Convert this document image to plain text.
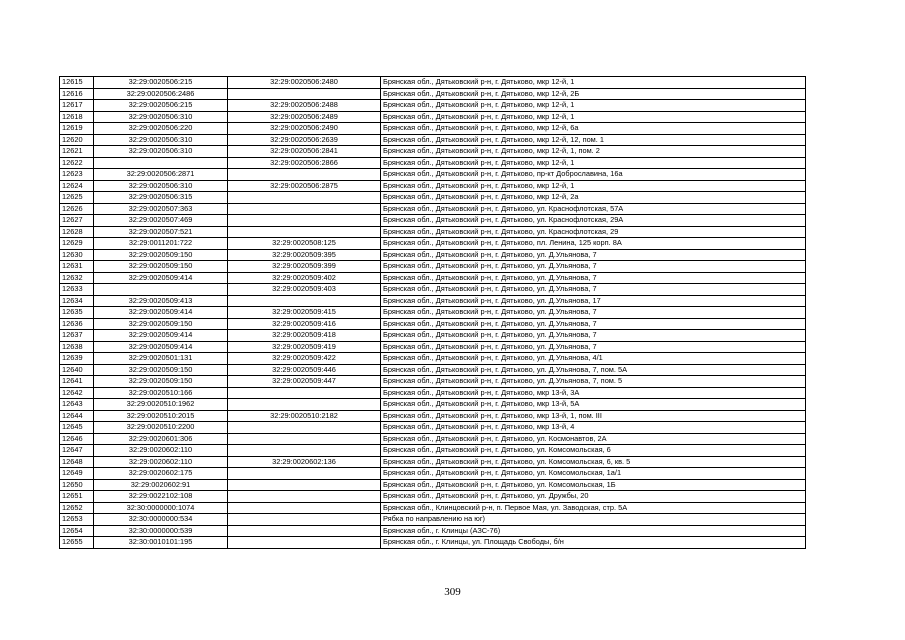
12615	32:29:0020506:215	32:29:0020506:2480	Брянская обл., Дятьковский р-н, г. Дятьково, мкр 12-й, 1
12616	32:29:0020506:2486		Брянская обл., Дятьковский р-н, г. Дятьково, мкр 12-й, 2Б
12617	32:29:0020506:215	32:29:0020506:2488	Брянская обл., Дятьковский р-н, г. Дятьково, мкр 12-й, 1
12618	32:29:0020506:310	32:29:0020506:2489	Брянская обл., Дятьковский р-н, г. Дятьково, мкр 12-й, 1
12619	32:29:0020506:220	32:29:0020506:2490	Брянская обл., Дятьковский р-н, г. Дятьково, мкр 12-й, 6а
12620	32:29:0020506:310	32:29:0020506:2639	Брянская обл., Дятьковский р-н, г. Дятьково, мкр 12-й, 12, пом. 1
12621	32:29:0020506:310	32:29:0020506:2841	Брянская обл., Дятьковский р-н, г. Дятьково, мкр 12-й, 1, пом. 2
12622		32:29:0020506:2866	Брянская обл., Дятьковский р-н, г. Дятьково, мкр 12-й, 1
12623	32:29:0020506:2871		Брянская обл., Дятьковский р-н, г. Дятьково, пр-кт Доброславина, 16а
12624	32:29:0020506:310	32:29:0020506:2875	Брянская обл., Дятьковский р-н, г. Дятьково, мкр 12-й, 1
12625	32:29:0020506:315		Брянская обл., Дятьковский р-н, г. Дятьково, мкр 12-й, 2а
12626	32:29:0020507:363		Брянская обл., Дятьковский р-н, г. Дятьково, ул. Краснофлотская, 57А
12627	32:29:0020507:469		Брянская обл., Дятьковский р-н, г. Дятьково, ул. Краснофлотская, 29А
12628	32:29:0020507:521		Брянская обл., Дятьковский р-н, г. Дятьково, ул. Краснофлотская, 29
12629	32:29:0011201:722	32:29:0020508:125	Брянская обл., Дятьковский р-н, г. Дятьково, пл. Ленина, 125 корп. 8А
12630	32:29:0020509:150	32:29:0020509:395	Брянская обл., Дятьковский р-н, г. Дятьково, ул. Д.Ульянова, 7
12631	32:29:0020509:150	32:29:0020509:399	Брянская обл., Дятьковский р-н, г. Дятьково, ул. Д.Ульянова, 7
12632	32:29:0020509:414	32:29:0020509:402	Брянская обл., Дятьковский р-н, г. Дятьково, ул. Д.Ульянова, 7
12633		32:29:0020509:403	Брянская обл., Дятьковский р-н, г. Дятьково, ул. Д.Ульянова, 7
12634	32:29:0020509:413		Брянская обл., Дятьковский р-н, г. Дятьково, ул. Д.Ульянова, 17
12635	32:29:0020509:414	32:29:0020509:415	Брянская обл., Дятьковский р-н, г. Дятьково, ул. Д.Ульянова, 7
12636	32:29:0020509:150	32:29:0020509:416	Брянская обл., Дятьковский р-н, г. Дятьково, ул. Д.Ульянова, 7
12637	32:29:0020509:414	32:29:0020509:418	Брянская обл., Дятьковский р-н, г. Дятьково, ул. Д.Ульянова, 7
12638	32:29:0020509:414	32:29:0020509:419	Брянская обл., Дятьковский р-н, г. Дятьково, ул. Д.Ульянова, 7
12639	32:29:0020501:131	32:29:0020509:422	Брянская обл., Дятьковский р-н, г. Дятьково, ул. Д.Ульянова, 4/1
12640	32:29:0020509:150	32:29:0020509:446	Брянская обл., Дятьковский р-н, г. Дятьково, ул. Д.Ульянова, 7, пом. 5А
12641	32:29:0020509:150	32:29:0020509:447	Брянская обл., Дятьковский р-н, г. Дятьково, ул. Д.Ульянова, 7, пом. 5
12642	32:29:0020510:166		Брянская обл., Дятьковский р-н, г. Дятьково, мкр 13-й, 3А
12643	32:29:0020510:1962		Брянская обл., Дятьковский р-н, г. Дятьково, мкр 13-й, 5А
12644	32:29:0020510:2015	32:29:0020510:2182	Брянская обл., Дятьковский р-н, г. Дятьково, мкр 13-й, 1, пом. III
12645	32:29:0020510:2200		Брянская обл., Дятьковский р-н, г. Дятьково, мкр 13-й, 4
12646	32:29:0020601:306		Брянская обл., Дятьковский р-н, г. Дятьково, ул. Космонавтов, 2А
12647	32:29:0020602:110		Брянская обл., Дятьковский р-н, г. Дятьково, ул. Комсомольская, 6
12648	32:29:0020602:110	32:29:0020602:136	Брянская обл., Дятьковский р-н, г. Дятьково, ул. Комсомольская, 6, кв. 5
12649	32:29:0020602:175		Брянская обл., Дятьковский р-н, г. Дятьково, ул. Комсомольская, 1а/1
12650	32:29:0020602:91		Брянская обл., Дятьковский р-н, г. Дятьково, ул. Комсомольская, 1Б
12651	32:29:0022102:108		Брянская обл., Дятьковский р-н, г. Дятьково, ул. Дружбы, 20
12652	32:30:0000000:1074		Брянская обл., Клинцовский р-н, п. Первое Мая, ул. Заводская, стр. 5А
12653	32:30:0000000:534		Рябка по направлению на юг)
12654	32:30:0000000:539		Брянская обл., г. Клинцы (АЗС-76)
12655	32:30:0010101:195		Брянская обл., г. Клинцы, ул. Площадь Свободы, б/н
309
